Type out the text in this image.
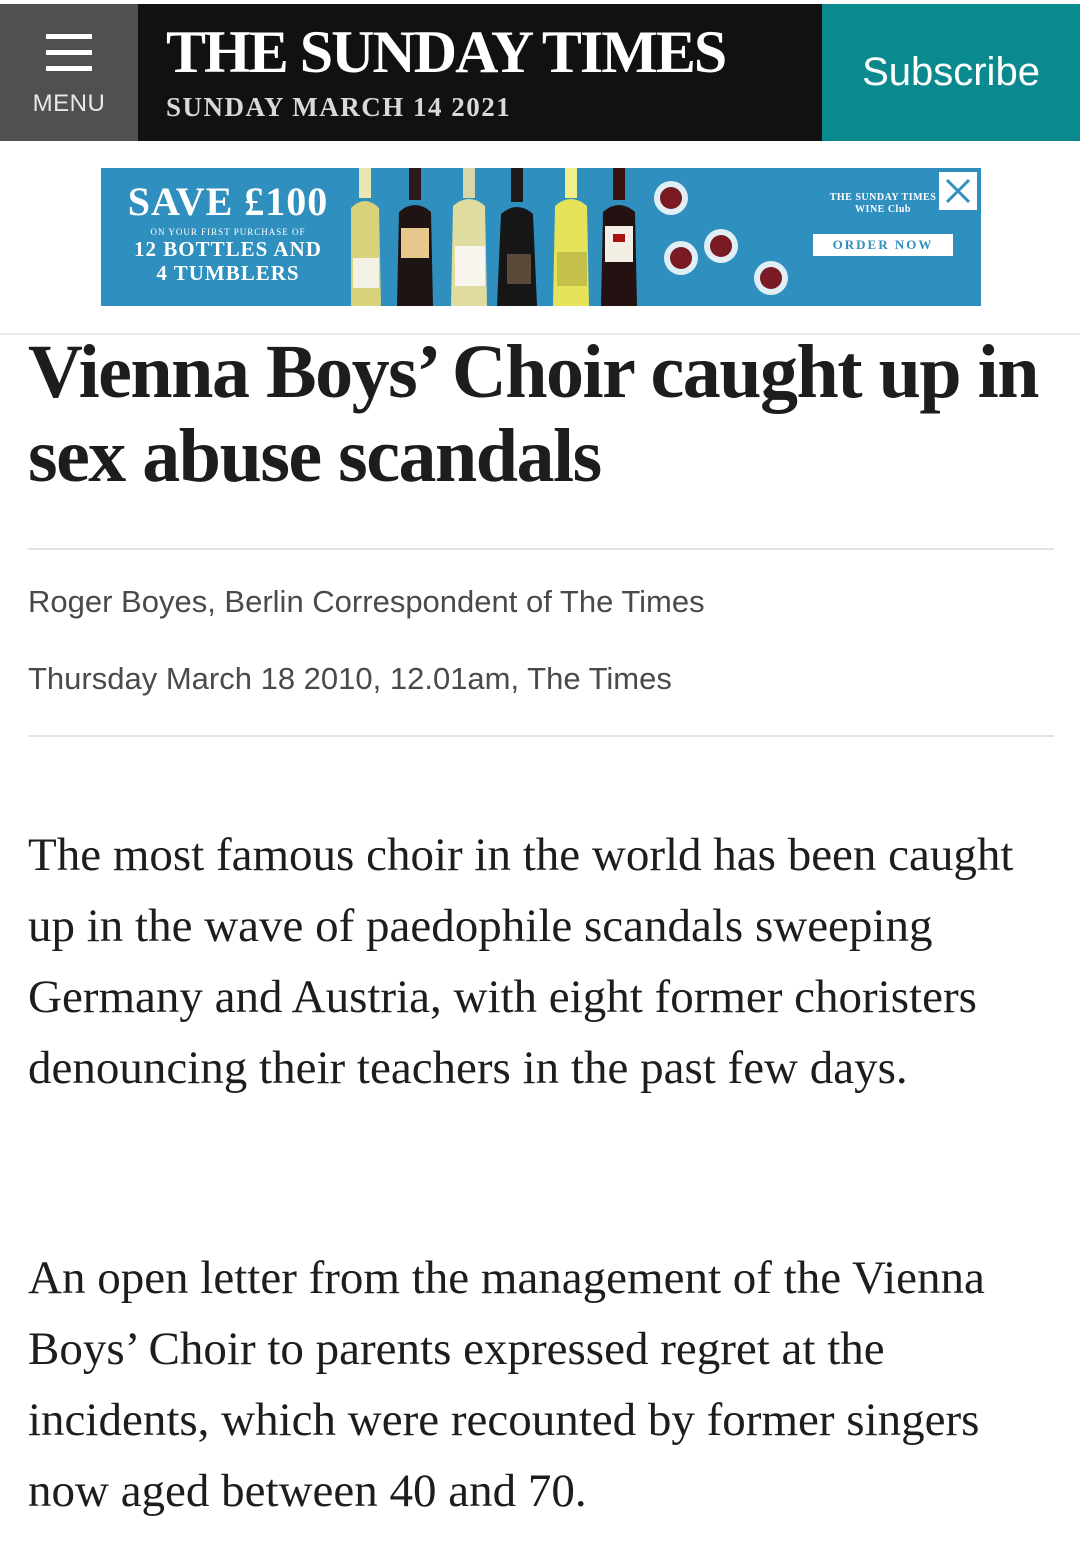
MENU
THE SUNDAY TIMES
SUNDAY MARCH 14 2021
Subscribe
SAVE £100
ON YOUR FIRST PURCHASE OF
12 BOTTLES AND
4 TUMBLERS
THE SUNDAY TIMES
WINE Club
ORDER NOW
Vienna Boys’ Choir caught up in sex abuse scandals
Roger Boyes, Berlin Correspondent of The Times
Thursday March 18 2010, 12.01am, The Times

The most famous choir in the world has been caught up in the wave of paedophile scandals sweeping Germany and Austria, with eight former choristers denouncing their teachers in the past few days.

An open letter from the management of the Vienna Boys’ Choir to parents expressed regret at the incidents, which were recounted by former singers now aged between 40 and 70.
